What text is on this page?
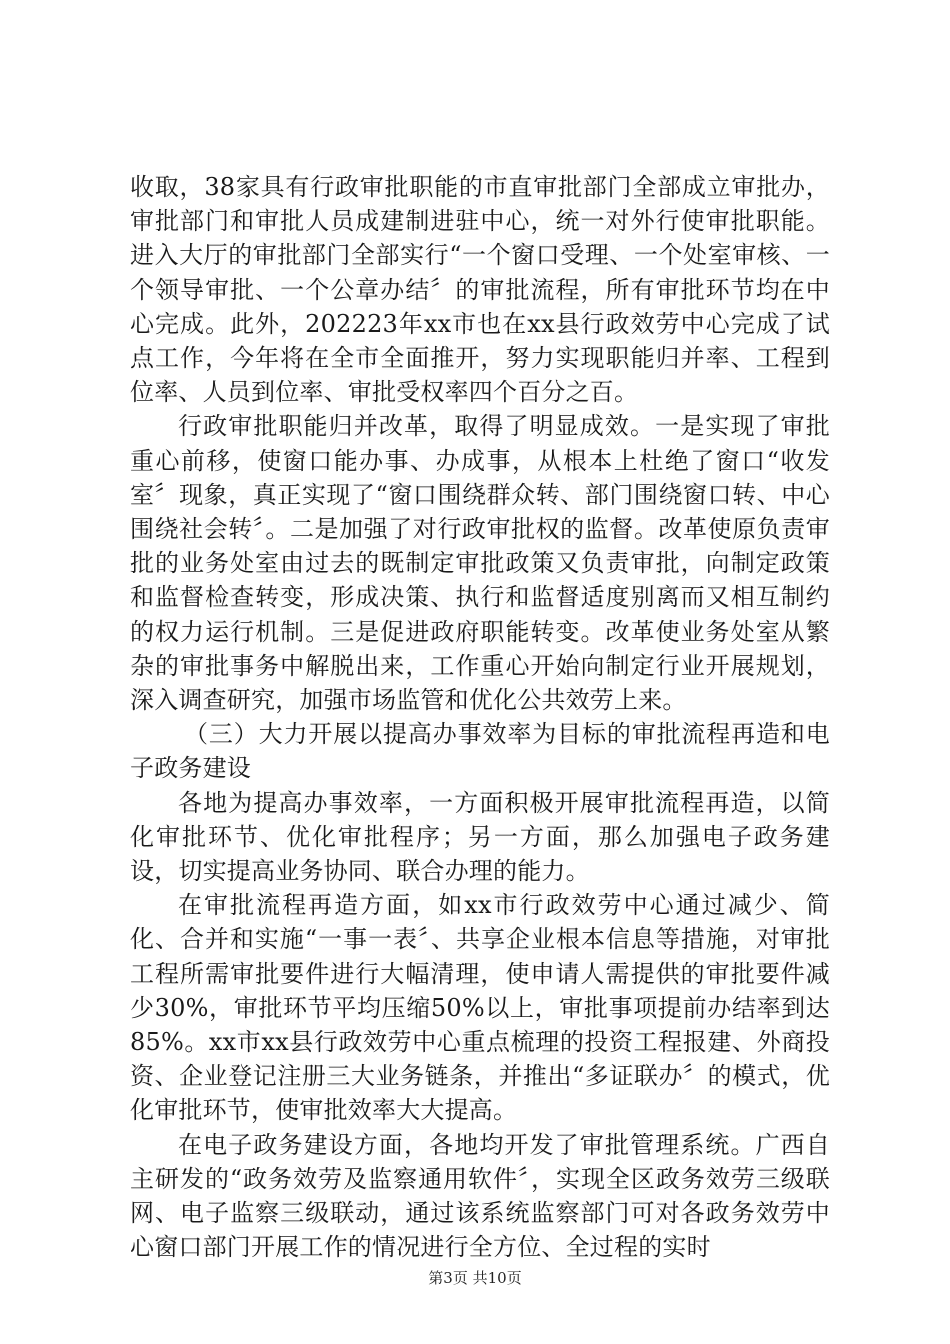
收取，38家具有行政审批职能的市直审批部门全部成立审批办，审批部门和审批人员成建制进驻中心，统一对外行使审批职能。进入大厅的审批部门全部实行“一个窗口受理、一个处室审核、一个领导审批、一个公章办结〞的审批流程，所有审批环节均在中心完成。此外，202223年xx市也在xx县行政效劳中心完成了试点工作，今年将在全市全面推开，努力实现职能归并率、工程到位率、人员到位率、审批受权率四个百分之百。

行政审批职能归并改革，取得了明显成效。一是实现了审批重心前移，使窗口能办事、办成事，从根本上杜绝了窗口“收发室〞现象，真正实现了“窗口围绕群众转、部门围绕窗口转、中心围绕社会转〞。二是加强了对行政审批权的监督。改革使原负责审批的业务处室由过去的既制定审批政策又负责审批，向制定政策和监督检查转变，形成决策、执行和监督适度别离而又相互制约的权力运行机制。三是促进政府职能转变。改革使业务处室从繁杂的审批事务中解脱出来，工作重心开始向制定行业开展规划，深入调查研究，加强市场监管和优化公共效劳上来。

（三）大力开展以提高办事效率为目标的审批流程再造和电子政务建设

各地为提高办事效率，一方面积极开展审批流程再造，以简化审批环节、优化审批程序；另一方面，那么加强电子政务建设，切实提高业务协同、联合办理的能力。

在审批流程再造方面，如xx市行政效劳中心通过减少、简化、合并和实施“一事一表〞、共享企业根本信息等措施，对审批工程所需审批要件进行大幅清理，使申请人需提供的审批要件减少30%，审批环节平均压缩50%以上，审批事项提前办结率到达85%。xx市xx县行政效劳中心重点梳理的投资工程报建、外商投资、企业登记注册三大业务链条，并推出“多证联办〞的模式，优化审批环节，使审批效率大大提高。

在电子政务建设方面，各地均开发了审批管理系统。广西自主研发的“政务效劳及监察通用软件〞，实现全区政务效劳三级联网、电子监察三级联动，通过该系统监察部门可对各政务效劳中心窗口部门开展工作的情况进行全方位、全过程的实时

第3页 共10页
